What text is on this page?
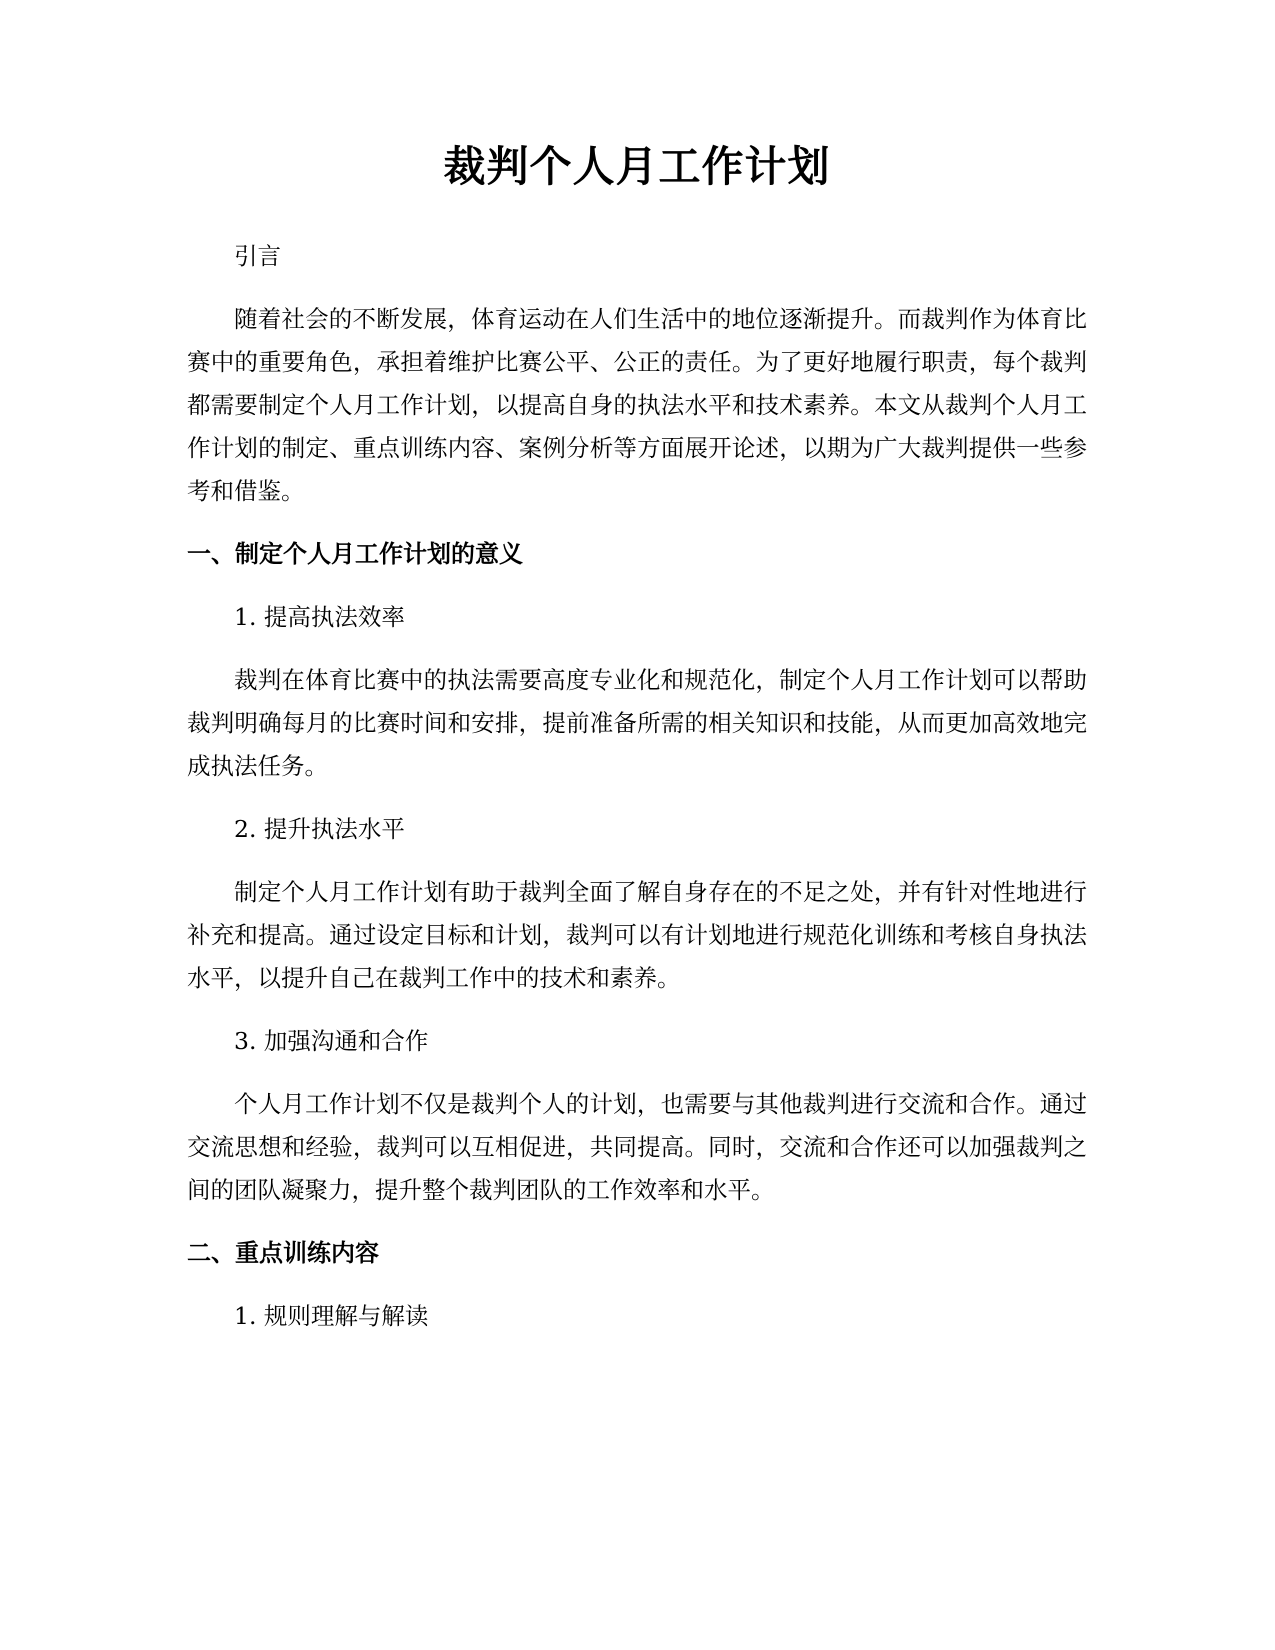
裁判个人月工作计划

引言

随着社会的不断发展，体育运动在人们生活中的地位逐渐提升。而裁判作为体育比赛中的重要角色，承担着维护比赛公平、公正的责任。为了更好地履行职责，每个裁判都需要制定个人月工作计划，以提高自身的执法水平和技术素养。本文从裁判个人月工作计划的制定、重点训练内容、案例分析等方面展开论述，以期为广大裁判提供一些参考和借鉴。

一、制定个人月工作计划的意义

1. 提高执法效率

裁判在体育比赛中的执法需要高度专业化和规范化，制定个人月工作计划可以帮助裁判明确每月的比赛时间和安排，提前准备所需的相关知识和技能，从而更加高效地完成执法任务。

2. 提升执法水平

制定个人月工作计划有助于裁判全面了解自身存在的不足之处，并有针对性地进行补充和提高。通过设定目标和计划，裁判可以有计划地进行规范化训练和考核自身执法水平，以提升自己在裁判工作中的技术和素养。

3. 加强沟通和合作

个人月工作计划不仅是裁判个人的计划，也需要与其他裁判进行交流和合作。通过交流思想和经验，裁判可以互相促进，共同提高。同时，交流和合作还可以加强裁判之间的团队凝聚力，提升整个裁判团队的工作效率和水平。

二、重点训练内容

1. 规则理解与解读
